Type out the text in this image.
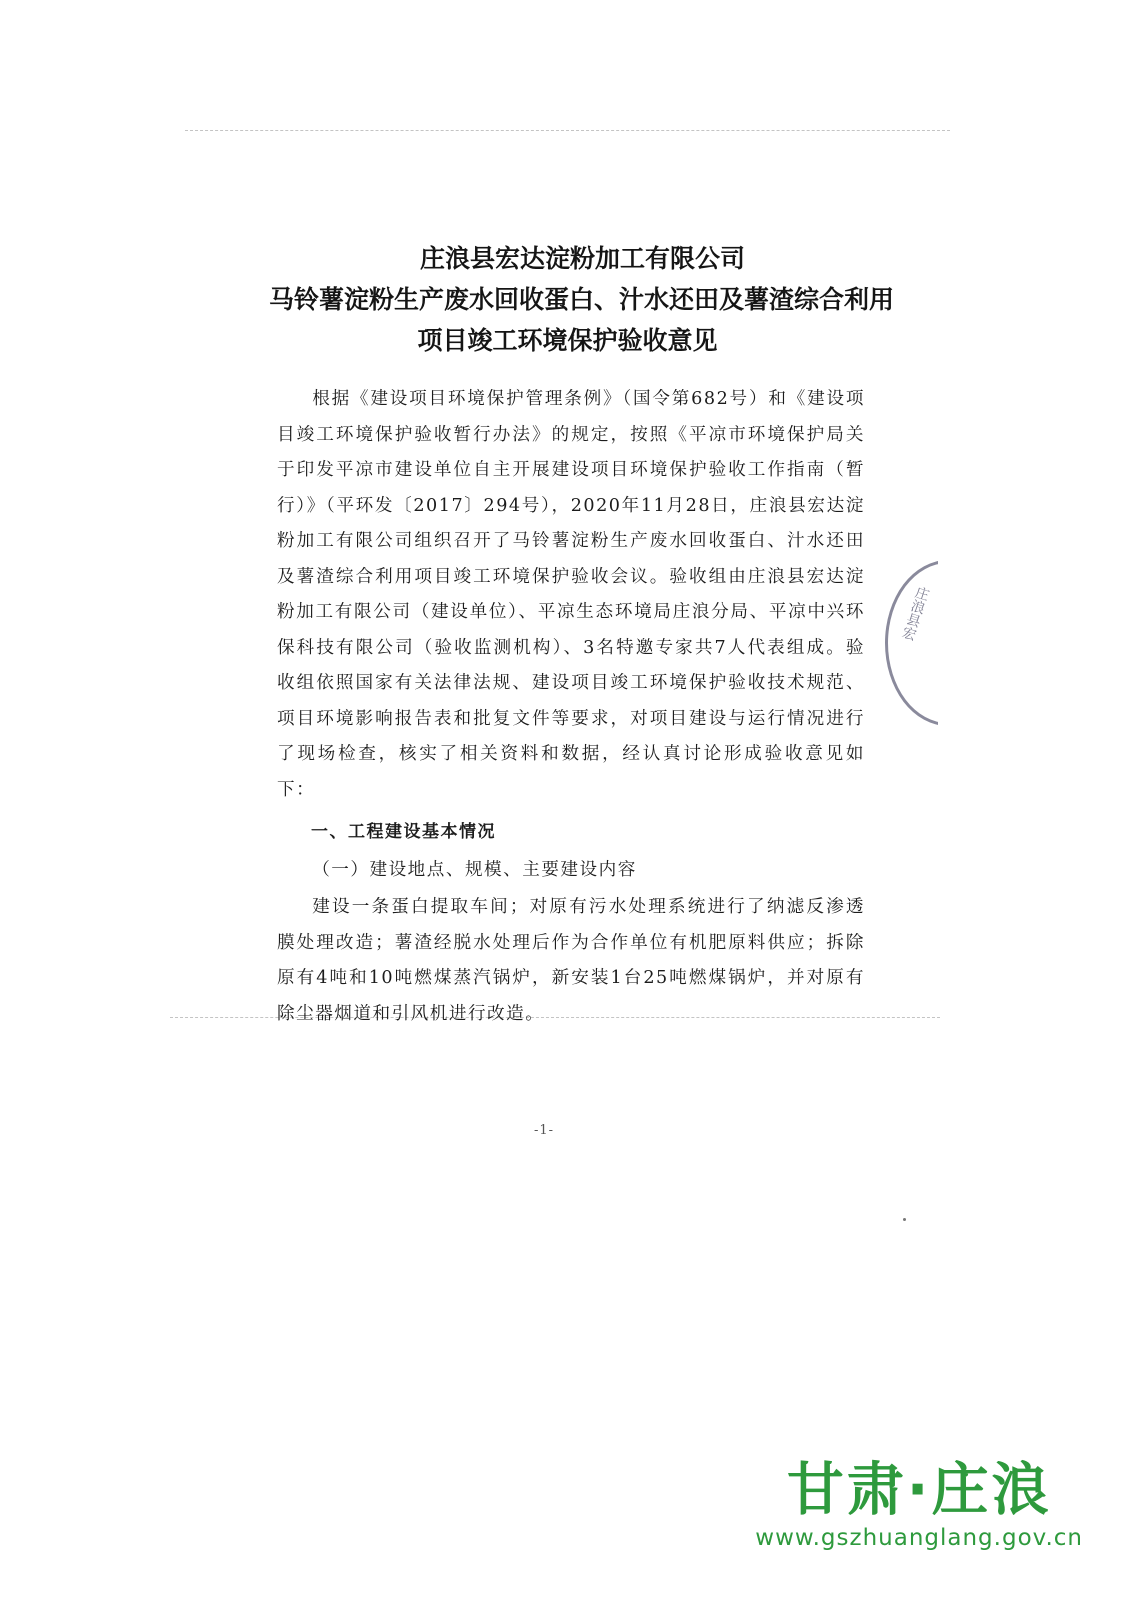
庄浪县宏达淀粉加工有限公司
马铃薯淀粉生产废水回收蛋白、汁水还田及薯渣综合利用
项目竣工环境保护验收意见

根据《建设项目环境保护管理条例》（国令第682号）和《建设项目竣工环境保护验收暂行办法》的规定，按照《平凉市环境保护局关于印发平凉市建设单位自主开展建设项目环境保护验收工作指南（暂行）》（平环发〔2017〕294号），2020年11月28日，庄浪县宏达淀粉加工有限公司组织召开了马铃薯淀粉生产废水回收蛋白、汁水还田及薯渣综合利用项目竣工环境保护验收会议。验收组由庄浪县宏达淀粉加工有限公司（建设单位）、平凉生态环境局庄浪分局、平凉中兴环保科技有限公司（验收监测机构）、3名特邀专家共7人代表组成。验收组依照国家有关法律法规、建设项目竣工环境保护验收技术规范、项目环境影响报告表和批复文件等要求，对项目建设与运行情况进行了现场检查，核实了相关资料和数据，经认真讨论形成验收意见如下：

一、工程建设基本情况

（一）建设地点、规模、主要建设内容

建设一条蛋白提取车间；对原有污水处理系统进行了纳滤反渗透膜处理改造；薯渣经脱水处理后作为合作单位有机肥原料供应；拆除原有4吨和10吨燃煤蒸汽锅炉，新安装1台25吨燃煤锅炉，并对原有除尘器烟道和引风机进行改造。

-1-
庄浪县宏
甘肃·庄浪
www.gszhuanglang.gov.cn
